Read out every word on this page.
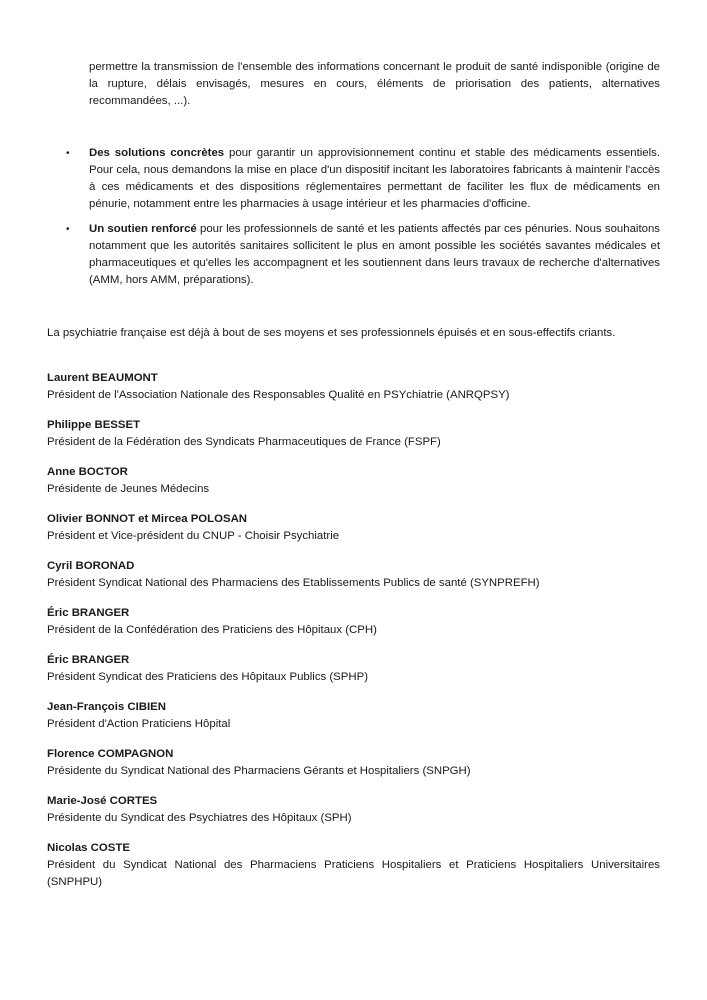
permettre la transmission de l'ensemble des informations concernant le produit de santé indisponible (origine de la rupture, délais envisagés, mesures en cours, éléments de priorisation des patients, alternatives recommandées, ...).

• Des solutions concrètes pour garantir un approvisionnement continu et stable des médicaments essentiels. Pour cela, nous demandons la mise en place d'un dispositif incitant les laboratoires fabricants à maintenir l'accès à ces médicaments et des dispositions réglementaires permettant de faciliter les flux de médicaments en pénurie, notamment entre les pharmacies à usage intérieur et les pharmacies d'officine.
• Un soutien renforcé pour les professionnels de santé et les patients affectés par ces pénuries. Nous souhaitons notamment que les autorités sanitaires sollicitent le plus en amont possible les sociétés savantes médicales et pharmaceutiques et qu'elles les accompagnent et les soutiennent dans leurs travaux de recherche d'alternatives (AMM, hors AMM, préparations).

La psychiatrie française est déjà à bout de ses moyens et ses professionnels épuisés et en sous-effectifs criants.

Laurent BEAUMONT
Président de l'Association Nationale des Responsables Qualité en PSYchiatrie (ANRQPSY)
Philippe BESSET
Président de la Fédération des Syndicats Pharmaceutiques de France (FSPF)
Anne BOCTOR
Présidente de Jeunes Médecins
Olivier BONNOT et Mircea POLOSAN
Président et Vice-président du CNUP - Choisir Psychiatrie
Cyril BORONAD
Président Syndicat National des Pharmaciens des Etablissements Publics de santé (SYNPREFH)
Éric BRANGER
Président de la Confédération des Praticiens des Hôpitaux (CPH)
Éric BRANGER
Président Syndicat des Praticiens des Hôpitaux Publics (SPHP)
Jean-François CIBIEN
Président d'Action Praticiens Hôpital
Florence COMPAGNON
Présidente du Syndicat National des Pharmaciens Gérants et Hospitaliers (SNPGH)
Marie-José CORTES
Présidente du Syndicat des Psychiatres des Hôpitaux (SPH)
Nicolas COSTE
Président du Syndicat National des Pharmaciens Praticiens Hospitaliers et Praticiens Hospitaliers Universitaires (SNPHPU)
